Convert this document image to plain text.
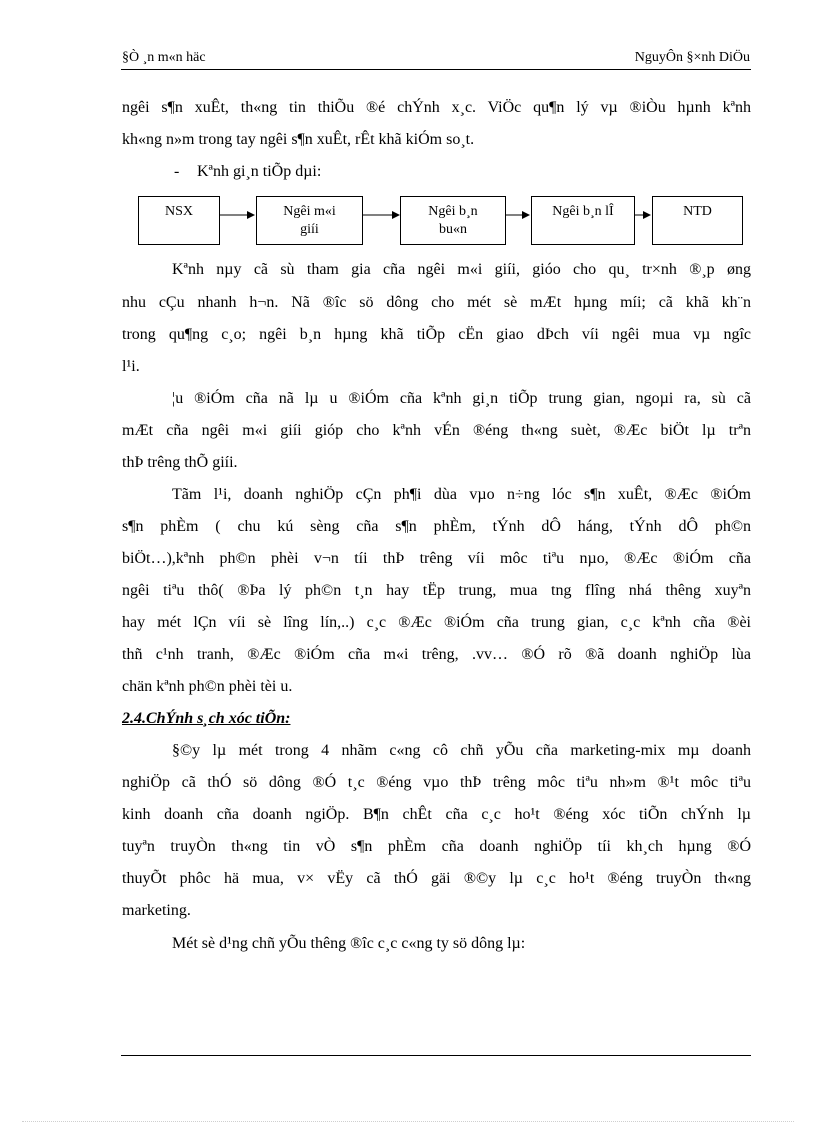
§Ò ¸n m«n häc	NguyÔn §×nh DiÖu
ngêi s¶n xuÊt, th«ng tin thiÕu ®é chÝnh x¸c. ViÖc qu¶n lý vµ ®iÒu hµnh kªnh
kh«ng n»m trong tay ngêi s¶n xuÊt, rÊt khã kiÓm so¸t.
- Kªnh gi¸n tiÕp dµi:
NSX	Ngêi m«i
giíi
Ngêi b¸n
bu«n
Ngêi b¸n lÎ	NTD
Kªnh nµy cã sù tham gia cña ngêi m«i giíi, gióo cho qu¸ tr×nh ®¸p øng
nhu cÇu nhanh h¬n. Nã ®îc sö dông cho mét sè mÆt hµng míi; cã khã kh¨n
trong qu¶ng c¸o; ngêi b¸n hµng khã tiÕp cËn giao dÞch víi ngêi mua vµ ngîc
l¹i.
¦u ®iÓm cña nã lµ u ®iÓm cña kªnh gi¸n tiÕp trung gian, ngoµi ra, sù cã
mÆt cña ngêi m«i giíi gióp cho kªnh vÉn ®éng th«ng suèt, ®Æc biÖt lµ trªn
thÞ trêng thÕ giíi.
Tãm l¹i, doanh nghiÖp cÇn ph¶i dùa vµo n÷ng lóc s¶n xuÊt, ®Æc ®iÓm
s¶n phÈm ( chu kú sèng cña s¶n phÈm, tÝnh dÔ háng, tÝnh dÔ ph©n
biÖt…),kªnh ph©n phèi v¬n tíi thÞ trêng víi môc tiªu nµo, ®Æc ®iÓm cña
ngêi tiªu thô( ®Þa lý ph©n t¸n hay tËp trung, mua tng flîng nhá thêng xuyªn
hay mét lÇn víi sè lîng lín,..) c¸c ®Æc ®iÓm cña trung gian, c¸c kªnh cña ®èi
thñ c¹nh tranh, ®Æc ®iÓm cña m«i trêng, .vv… ®Ó rõ ®ã doanh nghiÖp lùa
chän kªnh ph©n phèi tèi u.
2.4.ChÝnh s¸ch xóc tiÕn:
§©y lµ mét trong 4 nhãm c«ng cô chñ yÕu cña marketing-mix mµ doanh
nghiÖp cã thÓ sö dông ®Ó t¸c ®éng vµo thÞ trêng môc tiªu nh»m ®¹t môc tiªu
kinh doanh cña doanh ngiÖp. B¶n chÊt cña c¸c ho¹t ®éng xóc tiÕn chÝnh lµ
tuyªn truyÒn th«ng tin vÒ s¶n phÈm cña doanh nghiÖp tíi kh¸ch hµng ®Ó
thuyÕt phôc hä mua, v× vËy cã thÓ gäi ®©y lµ c¸c ho¹t ®éng truyÒn th«ng
marketing.
Mét sè d¹ng chñ yÕu thêng ®îc c¸c c«ng ty sö dông lµ:
